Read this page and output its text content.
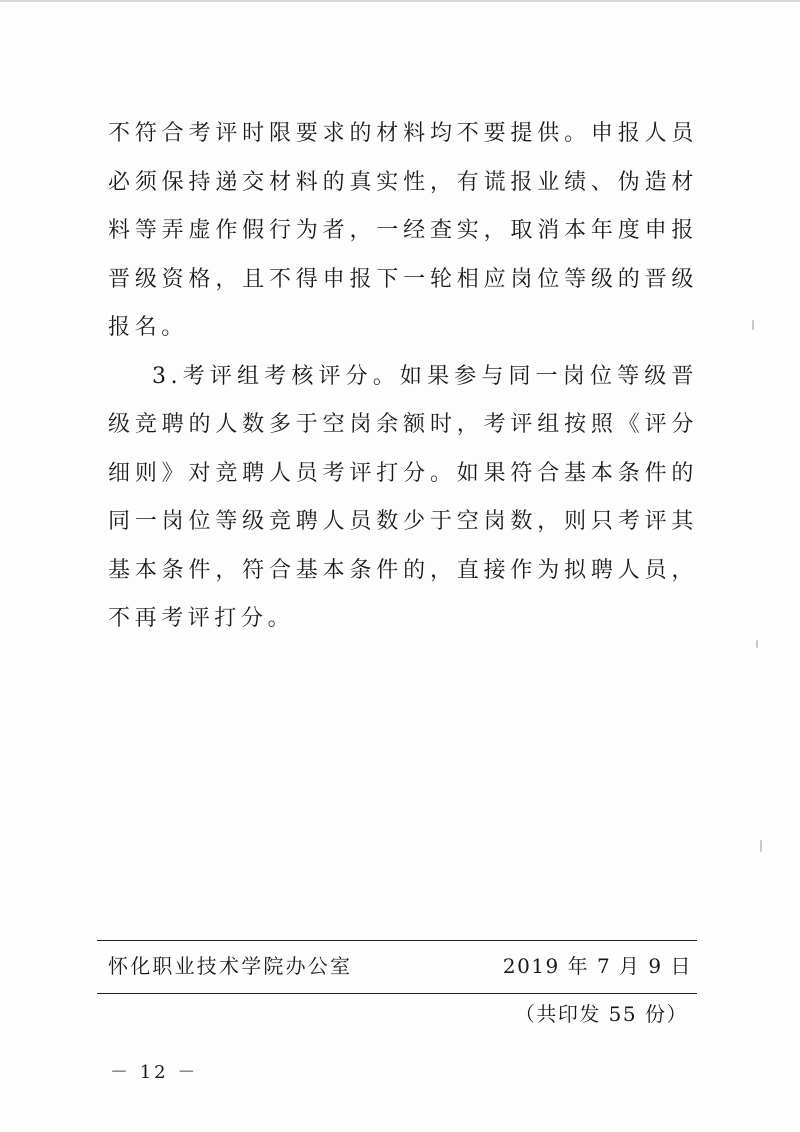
不符合考评时限要求的材料均不要提供。申报人员必须保持递交材料的真实性，有谎报业绩、伪造材料等弄虚作假行为者，一经查实，取消本年度申报晋级资格，且不得申报下一轮相应岗位等级的晋级报名。

3.考评组考核评分。如果参与同一岗位等级晋级竞聘的人数多于空岗余额时，考评组按照《评分细则》对竞聘人员考评打分。如果符合基本条件的同一岗位等级竞聘人员数少于空岗数，则只考评其基本条件，符合基本条件的，直接作为拟聘人员，不再考评打分。

怀化职业技术学院办公室	2019 年 7 月 9 日
（共印发 55 份）
－ 12 －
